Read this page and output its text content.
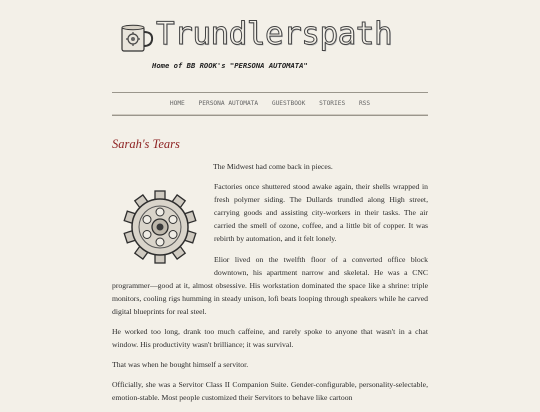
Trundlerspath
Home of BB ROOK's "PERSONA AUTOMATA"
HOME PERSONA AUTOMATA GUESTBOOK STORIES RSS
Sarah's Tears

The Midwest had come back in pieces.

Factories once shuttered stood awake again, their shells wrapped in fresh polymer siding. The Dullards trundled along High street, carrying goods and assisting city-workers in their tasks. The air carried the smell of ozone, coffee, and a little bit of copper. It was rebirth by automation, and it felt lonely.

Elior lived on the twelfth floor of a converted office block downtown, his apartment narrow and skeletal. He was a CNC programmer—good at it, almost obsessive. His workstation dominated the space like a shrine: triple monitors, cooling rigs humming in steady unison, lofi beats looping through speakers while he carved digital blueprints for real steel.

He worked too long, drank too much caffeine, and rarely spoke to anyone that wasn't in a chat window. His productivity wasn't brilliance; it was survival.

That was when he bought himself a servitor.

Officially, she was a Servitor Class II Companion Suite. Gender-configurable, personality-selectable, emotion-stable. Most people customized their Servitors to behave like cartoon
